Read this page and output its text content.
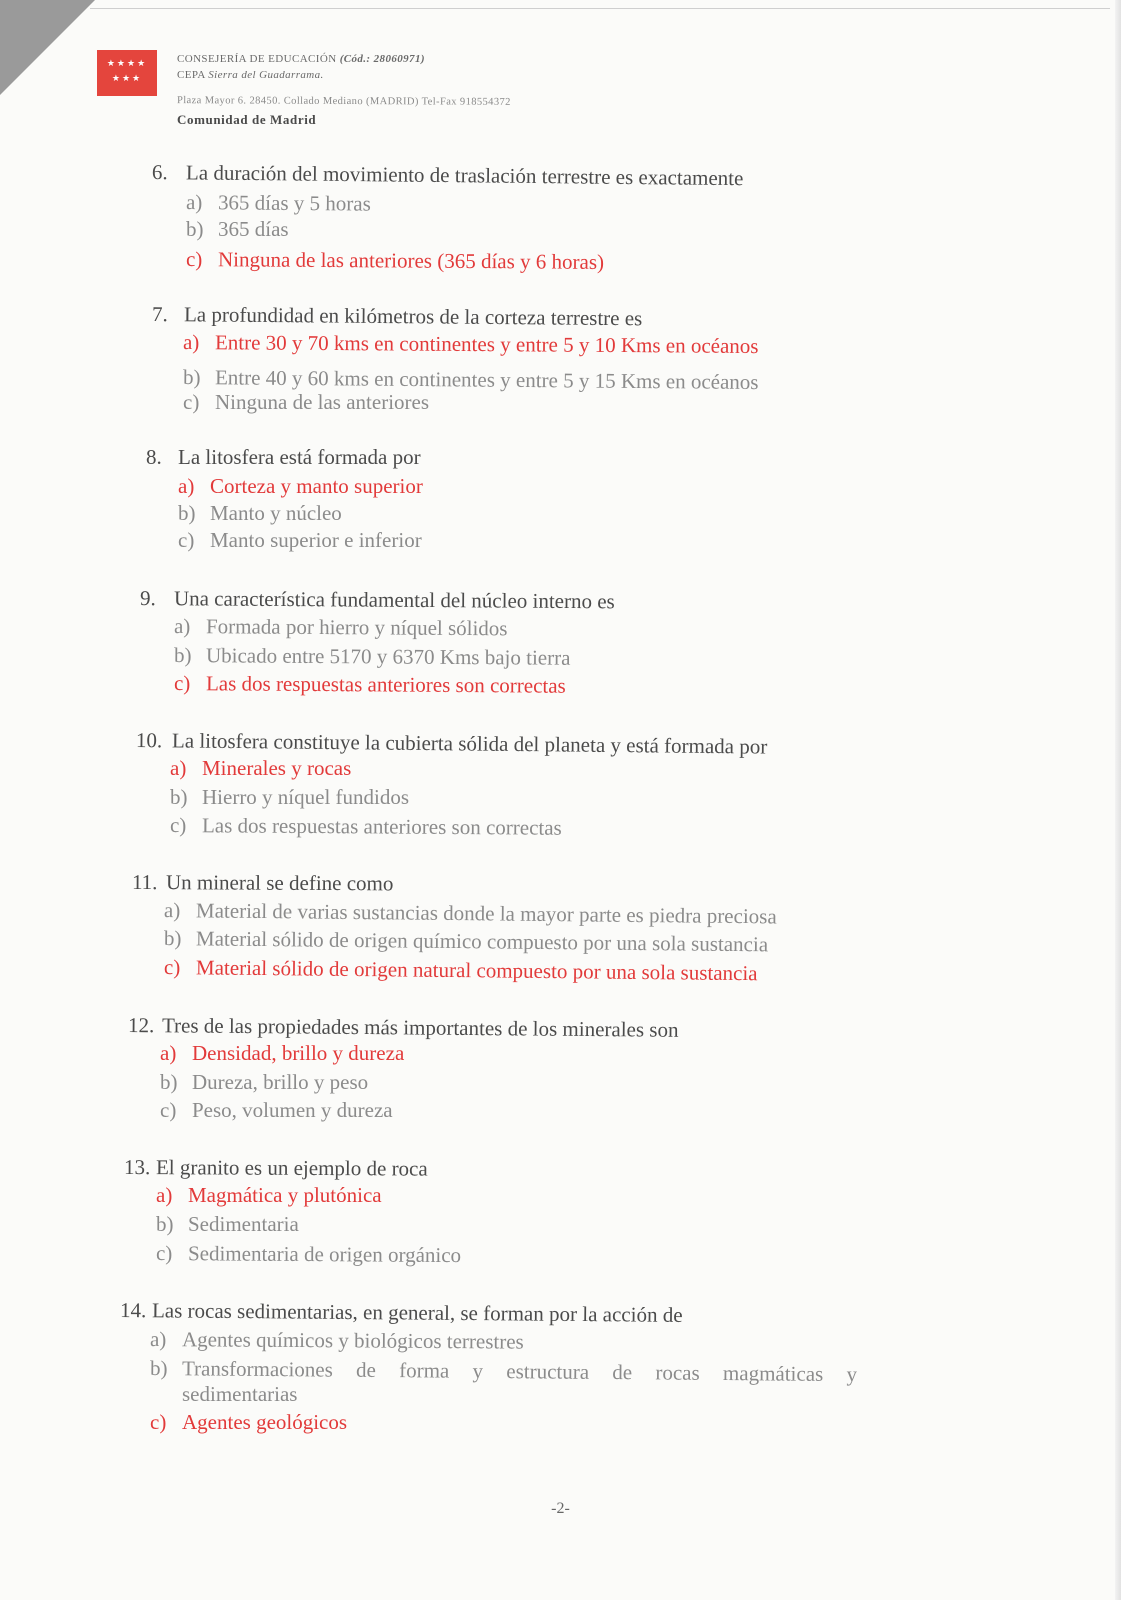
★★★★
★★★
CONSEJERÍA DE EDUCACIÓN (Cód.: 28060971)
CEPA Sierra del Guadarrama.
Plaza Mayor 6. 28450. Collado Mediano (MADRID) Tel-Fax 918554372
Comunidad de Madrid
6. La duración del movimiento de traslación terrestre es exactamente
a) 365 días y 5 horas
b) 365 días
c) Ninguna de las anteriores (365 días y 6 horas)
7. La profundidad en kilómetros de la corteza terrestre es
a) Entre 30 y 70 kms en continentes y entre 5 y 10 Kms en océanos
b) Entre 40 y 60 kms en continentes y entre 5 y 15 Kms en océanos
c) Ninguna de las anteriores
8. La litosfera está formada por
a) Corteza y manto superior
b) Manto y núcleo
c) Manto superior e inferior
9. Una característica fundamental del núcleo interno es
a) Formada por hierro y níquel sólidos
b) Ubicado entre 5170 y 6370 Kms bajo tierra
c) Las dos respuestas anteriores son correctas
10. La litosfera constituye la cubierta sólida del planeta y está formada por
a) Minerales y rocas
b) Hierro y níquel fundidos
c) Las dos respuestas anteriores son correctas
11. Un mineral se define como
a) Material de varias sustancias donde la mayor parte es piedra preciosa
b) Material sólido de origen químico compuesto por una sola sustancia
c) Material sólido de origen natural compuesto por una sola sustancia
12. Tres de las propiedades más importantes de los minerales son
a) Densidad, brillo y dureza
b) Dureza, brillo y peso
c) Peso, volumen y dureza
13. El granito es un ejemplo de roca
a) Magmática y plutónica
b) Sedimentaria
c) Sedimentaria de origen orgánico
14. Las rocas sedimentarias, en general, se forman por la acción de
a) Agentes químicos y biológicos terrestres
b) Transformaciones de forma y estructura de rocas magmáticas y
sedimentarias
c) Agentes geológicos
-2-
